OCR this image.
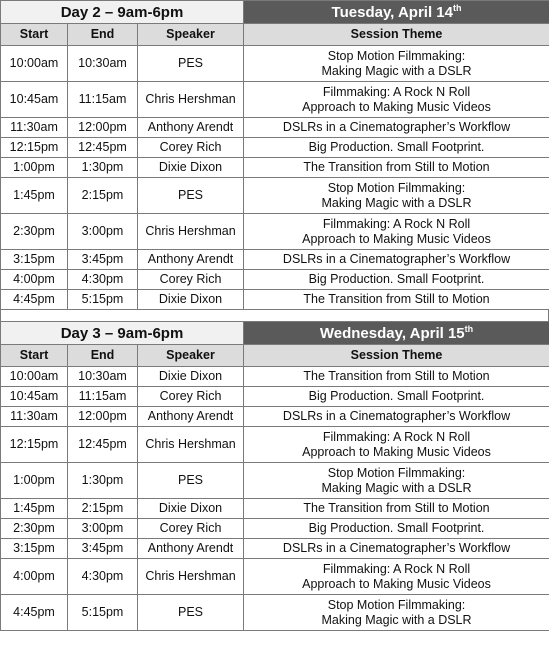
Day 2 – 9am-6pm			Tuesday, April 14th
Start	End	Speaker	Session Theme
10:00am	10:30am	PES	Stop Motion Filmmaking:
Making Magic with a DSLR

10:45am	11:15am	Chris Hershman	Filmmaking: A Rock N Roll
Approach to Making Music Videos

11:30am	12:00pm	Anthony Arendt	DSLRs in a Cinematographer’s Workflow

12:15pm	12:45pm	Corey Rich	Big Production. Small Footprint.

1:00pm	1:30pm	Dixie Dixon	The Transition from Still to Motion

1:45pm	2:15pm	PES	Stop Motion Filmmaking:
Making Magic with a DSLR

2:30pm	3:00pm	Chris Hershman	Filmmaking: A Rock N Roll
Approach to Making Music Videos

3:15pm	3:45pm	Anthony Arendt	DSLRs in a Cinematographer’s Workflow

4:00pm	4:30pm	Corey Rich	Big Production. Small Footprint.

4:45pm	5:15pm	Dixie Dixon	The Transition from Still to Motion
Day 3 – 9am-6pm			Wednesday, April 15th
Start	End	Speaker	Session Theme
10:00am	10:30am	Dixie Dixon	The Transition from Still to Motion

10:45am	11:15am	Corey Rich	Big Production. Small Footprint.

11:30am	12:00pm	Anthony Arendt	DSLRs in a Cinematographer’s Workflow

12:15pm	12:45pm	Chris Hershman	Filmmaking: A Rock N Roll
Approach to Making Music Videos

1:00pm	1:30pm	PES	Stop Motion Filmmaking:
Making Magic with a DSLR

1:45pm	2:15pm	Dixie Dixon	The Transition from Still to Motion

2:30pm	3:00pm	Corey Rich	Big Production. Small Footprint.

3:15pm	3:45pm	Anthony Arendt	DSLRs in a Cinematographer’s Workflow

4:00pm	4:30pm	Chris Hershman	Filmmaking: A Rock N Roll
Approach to Making Music Videos

4:45pm	5:15pm	PES	Stop Motion Filmmaking:
Making Magic with a DSLR
